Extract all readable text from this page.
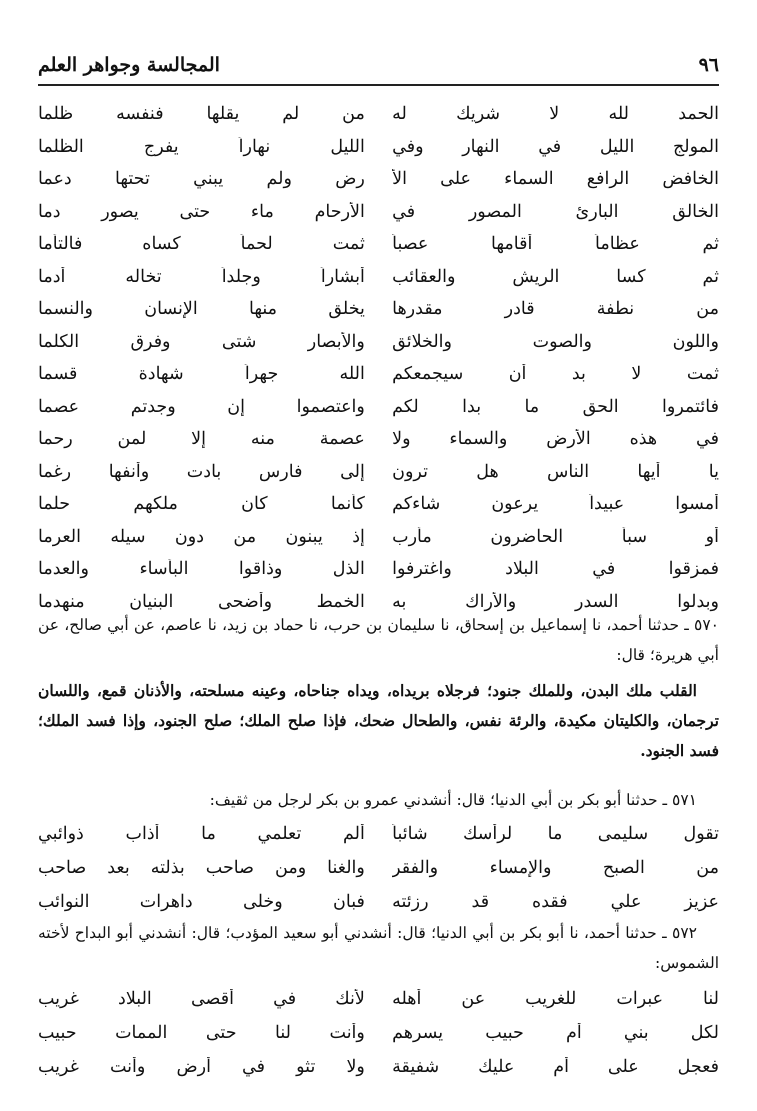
٩٦
المجالسة وجواهر العلم
الحمد لله لا شريك له
من لم يقلها فنفسه ظلما
المولج الليل في النهار وفي
الليل نهاراً يفرج الظلما
الخافض الرافع السماء على الأ
رض ولم يبني تحتها دعما
الخالق البارئ المصور في
الأرحام ماء حتى يصور دما
ثم عظاماً أقامها عصباً
ثمت لحماً كساه فالتأما
ثم كسا الريش والعقائب
أبشاراً وجلداً تخاله أدما
من نطفة قادر مقدرها
يخلق منها الإنسان والنسما
واللون والصوت والخلائق
والأبصار شتى وفرق الكلما
ثمت لا بد أن سيجمعكم
الله جهراً شهادة قسما
فائتمروا الحق ما بدا لكم
واعتصموا إن وجدتم عصما
في هذه الأرض والسماء ولا
عصمة منه إلا لمن رحما
يا أيها الناس هل ترون
إلى فارس بادت وأنفها رغما
أمسوا عبيداً يرعون شاءكم
كأنما كان ملكهم حلما
أو سبأ الحاضرون مأرب
إذ يبنون من دون سيله العرما
فمزقوا في البلاد واغترفوا
الذل وذاقوا البأساء والعدما
وبدلوا السدر والأراك به
الخمط وأضحى البنيان منهدما

٥٧٠ ـ حدثنا أحمد، نا إسماعيل بن إسحاق، نا سليمان بن حرب، نا حماد بن زيد، نا عاصم، عن أبي صالح، عن أبي هريرة؛ قال:

القلب ملك البدن، وللملك جنود؛ فرجلاه بريداه، ويداه جناحاه، وعينه مسلحته، والأذنان قمع، واللسان ترجمان، والكليتان مكيدة، والرئة نفس، والطحال ضحك، فإذا صلح الملك؛ صلح الجنود، وإذا فسد الملك؛ فسد الجنود.

٥٧١ ـ حدثنا أبو بكر بن أبي الدنيا؛ قال: أنشدني عمرو بن بكر لرجل من ثقيف:

تقول سليمى ما لرأسك شائباً
ألم تعلمي ما أذاب ذوائبي
من الصبح والإمساء والفقر
والغنا ومن صاحب بذلته بعد صاحب
عزيز علي فقده قد رزئته
فبان وخلى داهرات النوائب

٥٧٢ ـ حدثنا أحمد، نا أبو بكر بن أبي الدنيا؛ قال: أنشدني أبو سعيد المؤدب؛ قال: أنشدني أبو البداح لأخته الشموس:

لنا عبرات للغريب عن أهله
لأنك في أقصى البلاد غريب
لكل بني أم حبيب يسرهم
وأنت لنا حتى الممات حبيب
فعجل على أم عليك شفيقة
ولا تثو في أرض وأنت غريب
